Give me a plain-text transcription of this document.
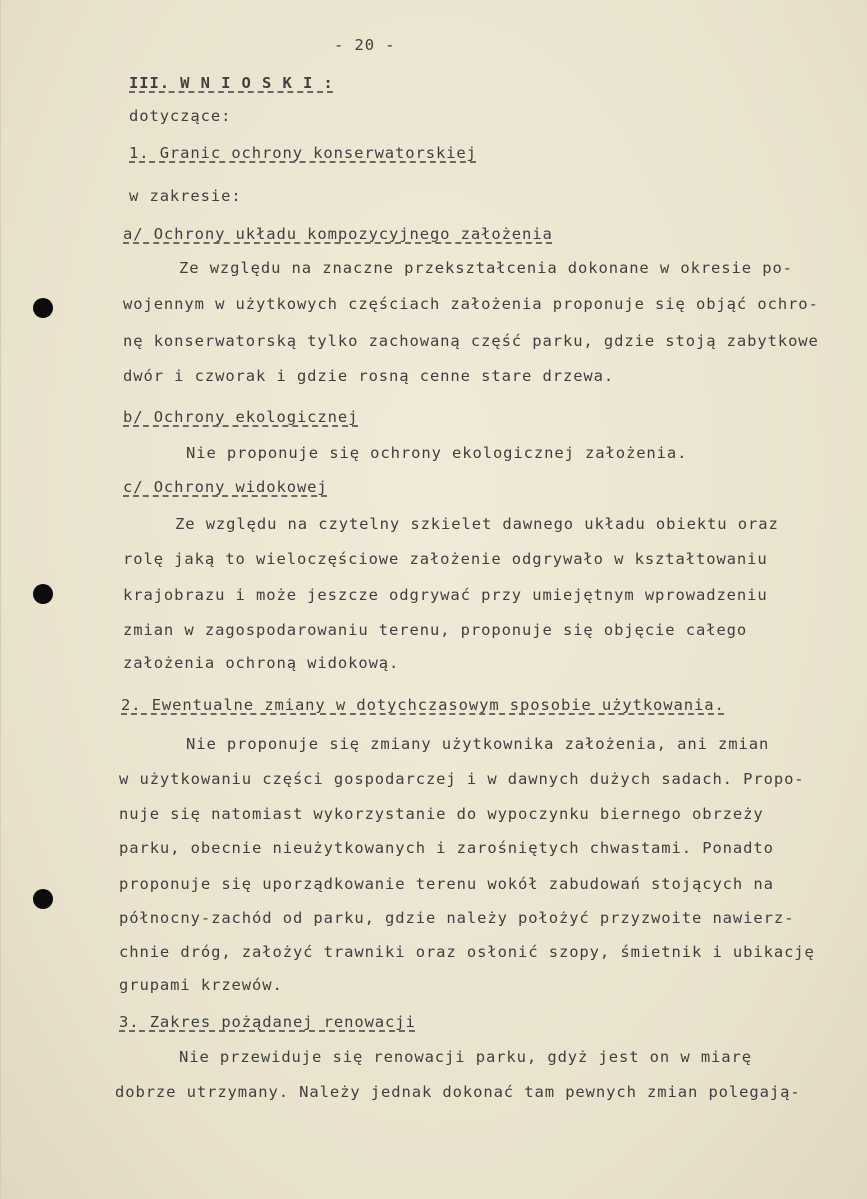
- 20 -
III. W N I O S K I :
dotyczące:
1. Granic ochrony konserwatorskiej
w zakresie:
a/ Ochrony układu kompozycyjnego założenia
Ze względu na znaczne przekształcenia dokonane w okresie po-
wojennym w użytkowych częściach założenia proponuje się objąć ochro-
nę konserwatorską tylko zachowaną część parku, gdzie stoją zabytkowe
dwór i czworak i gdzie rosną cenne stare drzewa.
b/ Ochrony ekologicznej
Nie proponuje się ochrony ekologicznej założenia.
c/ Ochrony widokowej
Ze względu na czytelny szkielet dawnego układu obiektu oraz
rolę jaką to wieloczęściowe założenie odgrywało w kształtowaniu
krajobrazu i może jeszcze odgrywać przy umiejętnym wprowadzeniu
zmian w zagospodarowaniu terenu, proponuje się objęcie całego
założenia ochroną widokową.
2. Ewentualne zmiany w dotychczasowym sposobie użytkowania.
Nie proponuje się zmiany użytkownika założenia, ani zmian
w użytkowaniu części gospodarczej i w dawnych dużych sadach. Propo-
nuje się natomiast wykorzystanie do wypoczynku biernego obrzeży
parku, obecnie nieużytkowanych i zarośniętych chwastami. Ponadto
proponuje się uporządkowanie terenu wokół zabudowań stojących na
północny-zachód od parku, gdzie należy położyć przyzwoite nawierz-
chnie dróg, założyć trawniki oraz osłonić szopy, śmietnik i ubikację
grupami krzewów.
3. Zakres pożądanej renowacji
Nie przewiduje się renowacji parku, gdyż jest on w miarę
dobrze utrzymany. Należy jednak dokonać tam pewnych zmian polegają-
